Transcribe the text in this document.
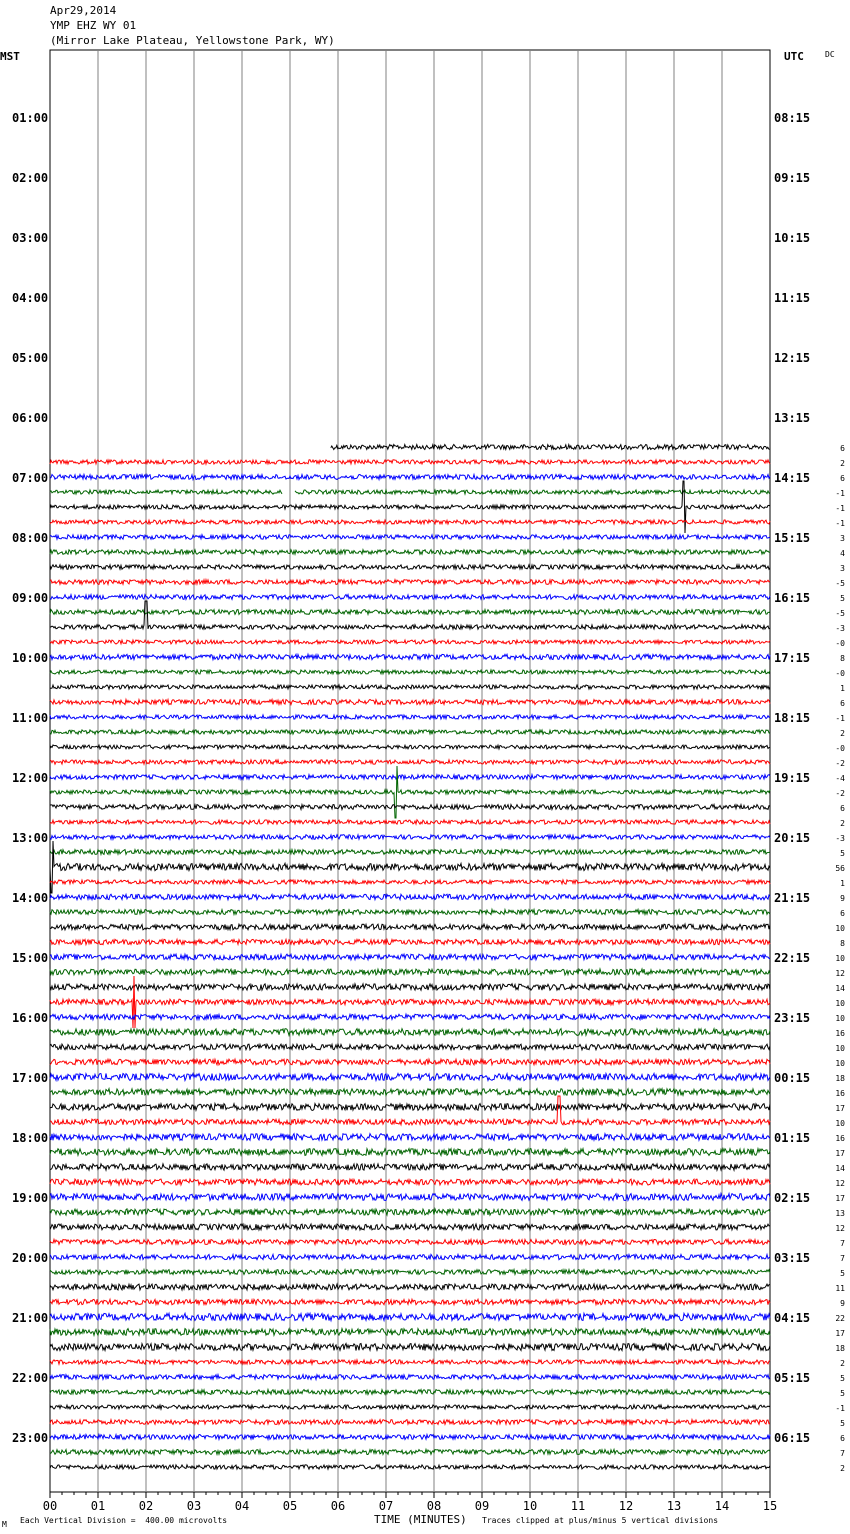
Apr29,2014
YMP EHZ WY 01
(Mirror Lake Plateau, Yellowstone Park, WY)
MST	UTC	DC
00	01	02	03	04	05	06	07	08	09	10	11	12	13	14	15
01:00	08:15
02:00	09:15
03:00	10:15
04:00	11:15
05:00	12:15
06:00	13:15
07:00	14:15
08:00	15:15
09:00	16:15
10:00	17:15
11:00	18:15
12:00	19:15
13:00	20:15
14:00	21:15
15:00	22:15
16:00	23:15
17:00	00:15
18:00	01:15
19:00	02:15
20:00	03:15
21:00	04:15
22:00	05:15
23:00	06:15
6
2
6
-1
-1
-1
3
4
3
-5
5
-5
-3
-0
8
-0
1
6
-1
2
-0
-2
-4
-2
6
2
-3
5
56
1
9
6
10
8
10
12
14
10
10
16
10
10
18
16
17
10
16
17
14
12
17
13
12
7
7
5
11
9
22
17
18
2
5
5
-1
5
6
7
2
M Each Vertical Division =  400.00 microvolts	TIME (MINUTES) Traces clipped at plus/minus 5 vertical divisions
